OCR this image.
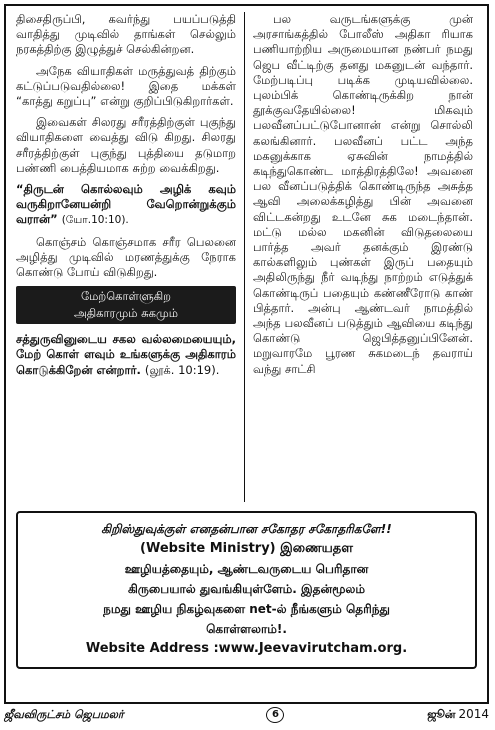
திசைதிருப்பி, கவர்ந்து பயப்படுத்தி வாதித்து முடிவில் தாங்கள் செல்லும் நரகத்திற்கு இழுத்துச் செல்கின்றன.

அநேக வியாதிகள் மருத்துவத் திற்கும் கட்டுப்படுவதில்லை! இதை மக்கள் “காத்து கறுப்பு” என்று குறிப்பிடுகிறார்கள்.

இவைகள் சிலரது சரீரத்திற்குள் புகுந்து வியாதிகளை வைத்து விடு கிறது. சிலரது சரீரத்திற்குள் புகுந்து புத்தியை தடுமாற பண்ணி பைத்தியமாக சுற்ற வைக்கிறது.

“திருடன் கொல்லவும் அழிக் கவும் வருகிறானேயன்றி வேறொன்றுக்கும் வரான்” (யோ.10:10).

கொஞ்சம் கொஞ்சமாக சரீர பெலனை அழித்து முடிவில் மரணத்துக்கு நேராக கொண்டு போய் விடுகிறது.

மேற்கொள்ளுகிற
அதிகாரமும் சுகமும்

சத்துருவினுடைய சகல வல்லமையையும், மேற் கொள் ளவும் உங்களுக்கு அதிகாரம் கொடுக்கிறேன் என்றார். (லூக். 10:19).

பல வருடங்களுக்கு முன் அரசாங்கத்தில் போலீஸ் அதிகா ரியாக பணியாற்றிய அருமையான நண்பர் நமது ஜெப வீட்டிற்கு தனது மகனுடன் வந்தார். மேற்படிப்பு படிக்க முடியவில்லை. புலம்பிக் கொண்டிருக்கிற நான் தூக்குவதேயில்லை! மிகவும் பலவீனப்பட்டுபோனான் என்று சொல்லி கலங்கினார். பலவீனப் பட்ட அந்த மகனுக்காக ஏசுவின் நாமத்தில் கடிந்துகொண்ட மாத்திரத்திலே! அவனை பல வீனப்படுத்திக் கொண்டிருந்த அசுத்த ஆவி அலைக்கழித்து பின் அவனை விட்டகன்றது உடனே சுக மடைந்தான். மட்டு மல்ல மகனின் விடுதலையை பார்த்த அவர் தனக்கும் இரண்டு கால்களிலும் புண்கள் இருப் பதையும் அதிலிருந்து நீர் வடிந்து நாற்றம் எடுத்துக் கொண்டிருப் பதையும் கண்ணீரோடு காண் பித்தார். அன்பு ஆண்டவர் நாமத்தில் அந்த பலவீனப் படுத்தும் ஆவியை கடிந்து கொண்டு ஜெபித்தனுப்பினேன். மறுவாரமே பூரண சுகமடைந் தவராய் வந்து சாட்சி

கிறிஸ்துவுக்குள் எனதன்பான சகோதர சகோதரிகளே!!
(Website Ministry) இணையதள
ஊழியத்தையும், ஆண்டவருடைய பெரிதான
கிருபையால் துவங்கியுள்ளேம். இதன்மூலம்
நமது ஊழிய நிகழ்வுகளை net-ல் நீங்களும் தெரிந்து
கொள்ளலாம்!.
Website Address :www.Jeevavirutcham.org.
ஜீவவிருட்சம் ஜெபமலர்	6	ஜூன் 2014
